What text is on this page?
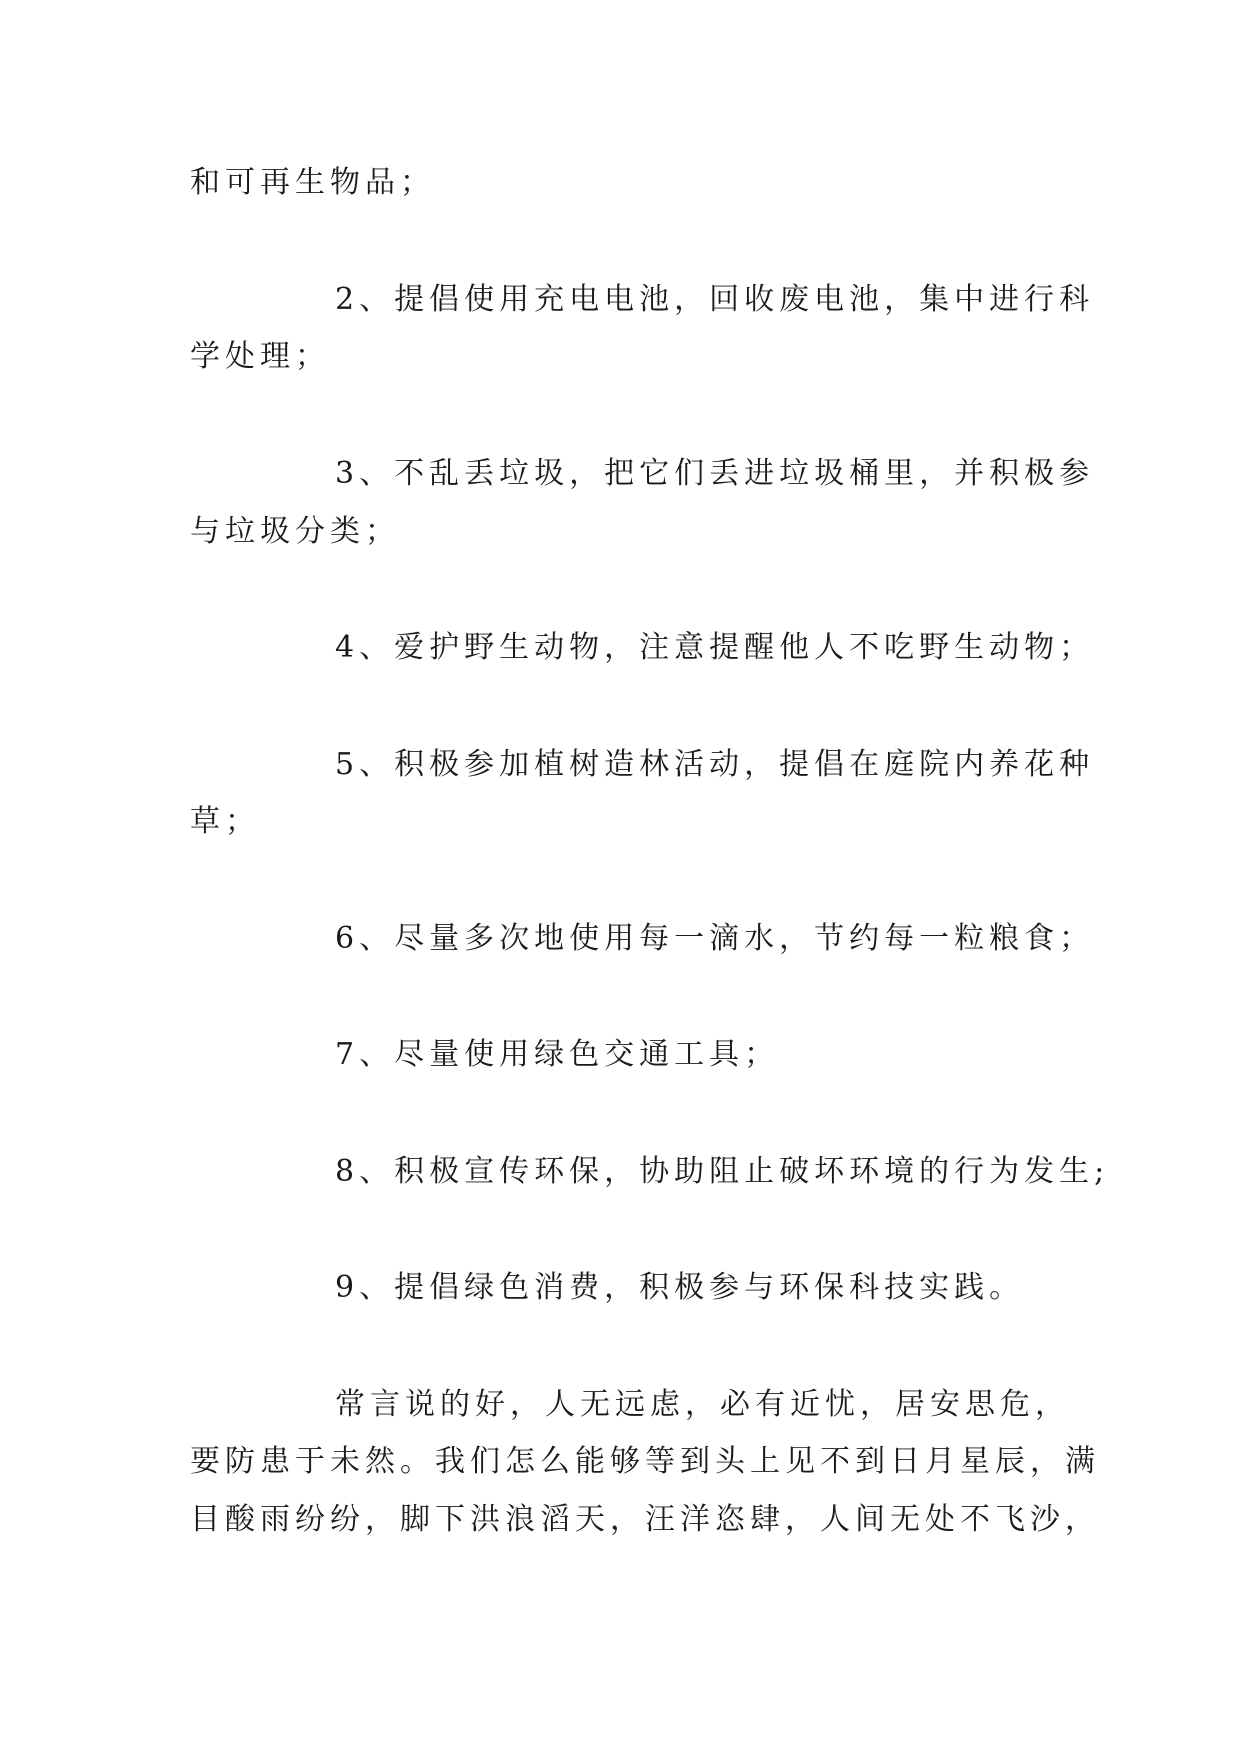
和可再生物品；
2、提倡使用充电电池，回收废电池，集中进行科
学处理；
3、不乱丢垃圾，把它们丢进垃圾桶里，并积极参
与垃圾分类；
4、爱护野生动物，注意提醒他人不吃野生动物；
5、积极参加植树造林活动，提倡在庭院内养花种
草；
6、尽量多次地使用每一滴水，节约每一粒粮食；
7、尽量使用绿色交通工具；
8、积极宣传环保，协助阻止破坏环境的行为发生;
9、提倡绿色消费，积极参与环保科技实践。
常言说的好，人无远虑，必有近忧，居安思危，
要防患于未然。我们怎么能够等到头上见不到日月星辰，满
目酸雨纷纷，脚下洪浪滔天，汪洋恣肆，人间无处不飞沙，
